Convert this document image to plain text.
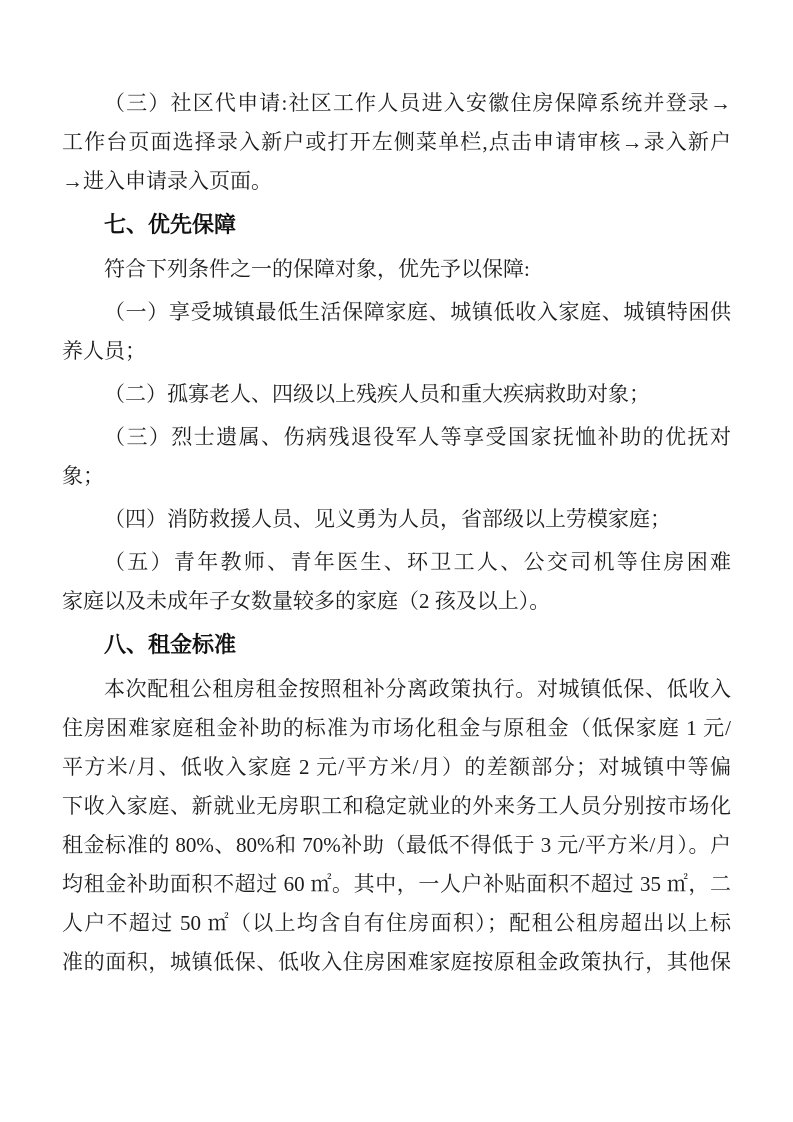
（三）社区代申请:社区工作人员进入安徽住房保障系统并登录→
工作台页面选择录入新户或打开左侧菜单栏,点击申请审核→录入新户
→进入申请录入页面。
七、优先保障
符合下列条件之一的保障对象，优先予以保障:
（一）享受城镇最低生活保障家庭、城镇低收入家庭、城镇特困供
养人员；
（二）孤寡老人、四级以上残疾人员和重大疾病救助对象；
（三）烈士遗属、伤病残退役军人等享受国家抚恤补助的优抚对
象；
（四）消防救援人员、见义勇为人员，省部级以上劳模家庭；
（五）青年教师、青年医生、环卫工人、公交司机等住房困难
家庭以及未成年子女数量较多的家庭（2 孩及以上）。
八、租金标准
本次配租公租房租金按照租补分离政策执行。对城镇低保、低收入
住房困难家庭租金补助的标准为市场化租金与原租金（低保家庭 1 元/
平方米/月、低收入家庭 2 元/平方米/月）的差额部分；对城镇中等偏
下收入家庭、新就业无房职工和稳定就业的外来务工人员分别按市场化
租金标准的 80%、80%和 70%补助（最低不得低于 3 元/平方米/月）。户
均租金补助面积不超过 60 ㎡。其中，一人户补贴面积不超过 35 ㎡，二
人户不超过 50 ㎡（以上均含自有住房面积）；配租公租房超出以上标
准的面积，城镇低保、低收入住房困难家庭按原租金政策执行，其他保
